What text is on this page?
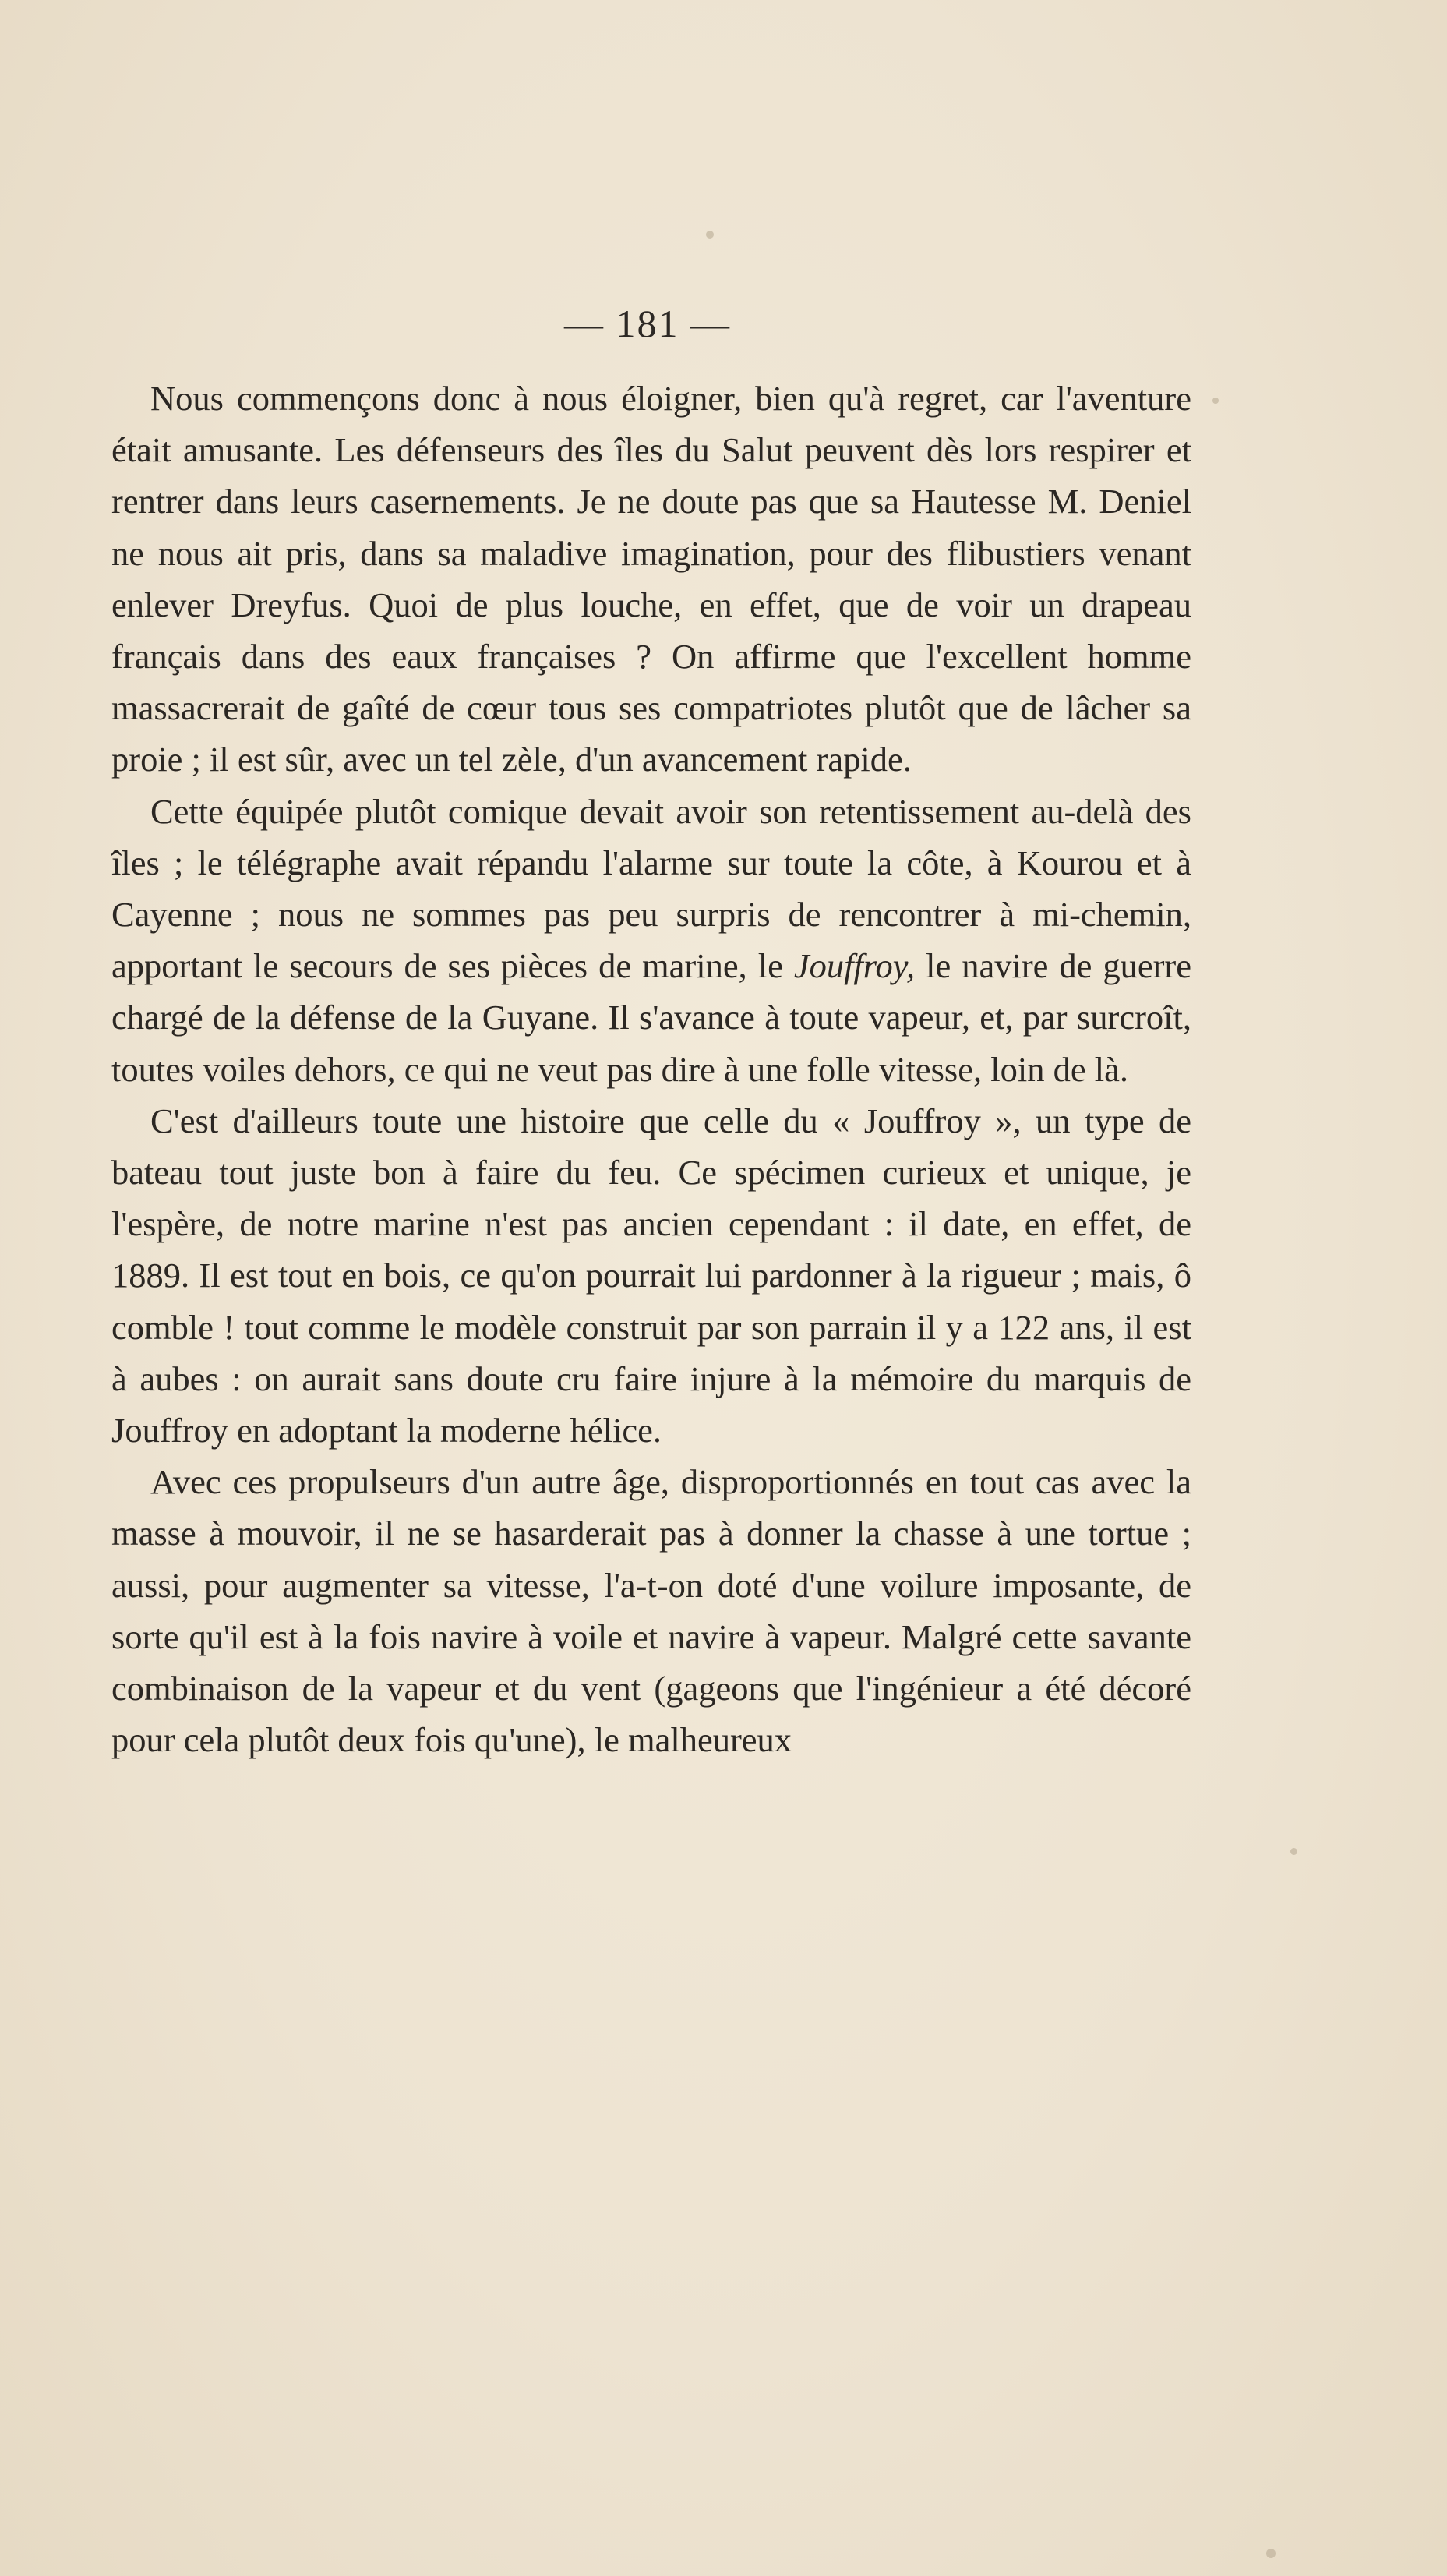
— 181 —

Nous commençons donc à nous éloigner, bien qu'à regret, car l'aventure était amusante. Les défenseurs des îles du Salut peuvent dès lors respirer et rentrer dans leurs casernements. Je ne doute pas que sa Hautesse M. Deniel ne nous ait pris, dans sa maladive imagination, pour des flibustiers venant enlever Dreyfus. Quoi de plus louche, en effet, que de voir un drapeau français dans des eaux françaises ? On affirme que l'excellent homme massacrerait de gaîté de cœur tous ses compatriotes plutôt que de lâcher sa proie ; il est sûr, avec un tel zèle, d'un avancement rapide.

Cette équipée plutôt comique devait avoir son retentissement au-delà des îles ; le télégraphe avait répandu l'alarme sur toute la côte, à Kourou et à Cayenne ; nous ne sommes pas peu surpris de rencontrer à mi-chemin, apportant le secours de ses pièces de marine, le Jouffroy, le navire de guerre chargé de la défense de la Guyane. Il s'avance à toute vapeur, et, par surcroît, toutes voiles dehors, ce qui ne veut pas dire à une folle vitesse, loin de là.

C'est d'ailleurs toute une histoire que celle du « Jouffroy », un type de bateau tout juste bon à faire du feu. Ce spécimen curieux et unique, je l'espère, de notre marine n'est pas ancien cependant : il date, en effet, de 1889. Il est tout en bois, ce qu'on pourrait lui pardonner à la rigueur ; mais, ô comble ! tout comme le modèle construit par son parrain il y a 122 ans, il est à aubes : on aurait sans doute cru faire injure à la mémoire du marquis de Jouffroy en adoptant la moderne hélice.

Avec ces propulseurs d'un autre âge, disproportionnés en tout cas avec la masse à mouvoir, il ne se hasarderait pas à donner la chasse à une tortue ; aussi, pour augmenter sa vitesse, l'a-t-on doté d'une voilure imposante, de sorte qu'il est à la fois navire à voile et navire à vapeur. Malgré cette savante combinaison de la vapeur et du vent (gageons que l'ingénieur a été décoré pour cela plutôt deux fois qu'une), le malheureux
